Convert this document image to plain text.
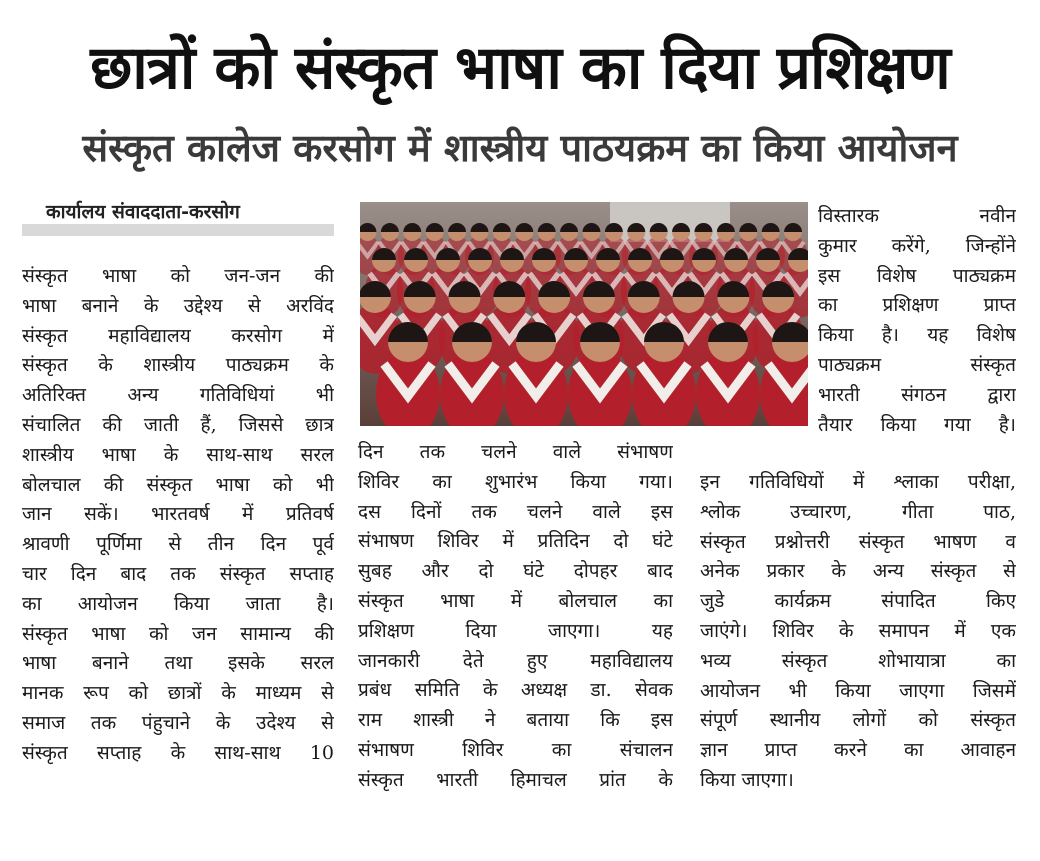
छात्रों को संस्कृत भाषा का दिया प्रशिक्षण
संस्कृत कालेज करसोग में शास्त्रीय पाठयक्रम का किया आयोजन
कार्यालय संवाददाता-करसोग
संस्कृत भाषा को जन-जन की
भाषा बनाने के उद्देश्य से अरविंद
संस्कृत महाविद्यालय करसोग में
संस्कृत के शास्त्रीय पाठ्यक्रम के
अतिरिक्त अन्य गतिविधियां भी
संचालित की जाती हैं, जिससे छात्र
शास्त्रीय भाषा के साथ-साथ सरल
बोलचाल की संस्कृत भाषा को भी
जान सकें। भारतवर्ष में प्रतिवर्ष
श्रावणी पूर्णिमा से तीन दिन पूर्व
चार दिन बाद तक संस्कृत सप्ताह
का आयोजन किया जाता है।
संस्कृत भाषा को जन सामान्य की
भाषा बनाने तथा इसके सरल
मानक रूप को छात्रों के माध्यम से
समाज तक पंहुचाने के उदेश्य से
संस्कृत सप्ताह के साथ-साथ 10
दिन तक चलने वाले संभाषण
शिविर का शुभारंभ किया गया।
दस दिनों तक चलने वाले इस
संभाषण शिविर में प्रतिदिन दो घंटे
सुबह और दो घंटे दोपहर बाद
संस्कृत भाषा में बोलचाल का
प्रशिक्षण दिया जाएगा। यह
जानकारी देते हुए महाविद्यालय
प्रबंध समिति के अध्यक्ष डा. सेवक
राम शास्त्री ने बताया कि इस
संभाषण शिविर का संचालन
संस्कृत भारती हिमाचल प्रांत के
विस्तारक नवीन
कुमार करेंगे, जिन्होंने
इस विशेष पाठ्यक्रम
का प्रशिक्षण प्राप्त
किया है। यह विशेष
पाठ्यक्रम संस्कृत
भारती संगठन द्वारा
तैयार किया गया है।
इन गतिविधियों में श्लाका परीक्षा,
श्लोक उच्चारण, गीता पाठ,
संस्कृत प्रश्नोत्तरी संस्कृत भाषण व
अनेक प्रकार के अन्य संस्कृत से
जुडे कार्यक्रम संपादित किए
जाएंगे। शिविर के समापन में एक
भव्य संस्कृत शोभायात्रा का
आयोजन भी किया जाएगा जिसमें
संपूर्ण स्थानीय लोगों को संस्कृत
ज्ञान प्राप्त करने का आवाहन
किया जाएगा।
